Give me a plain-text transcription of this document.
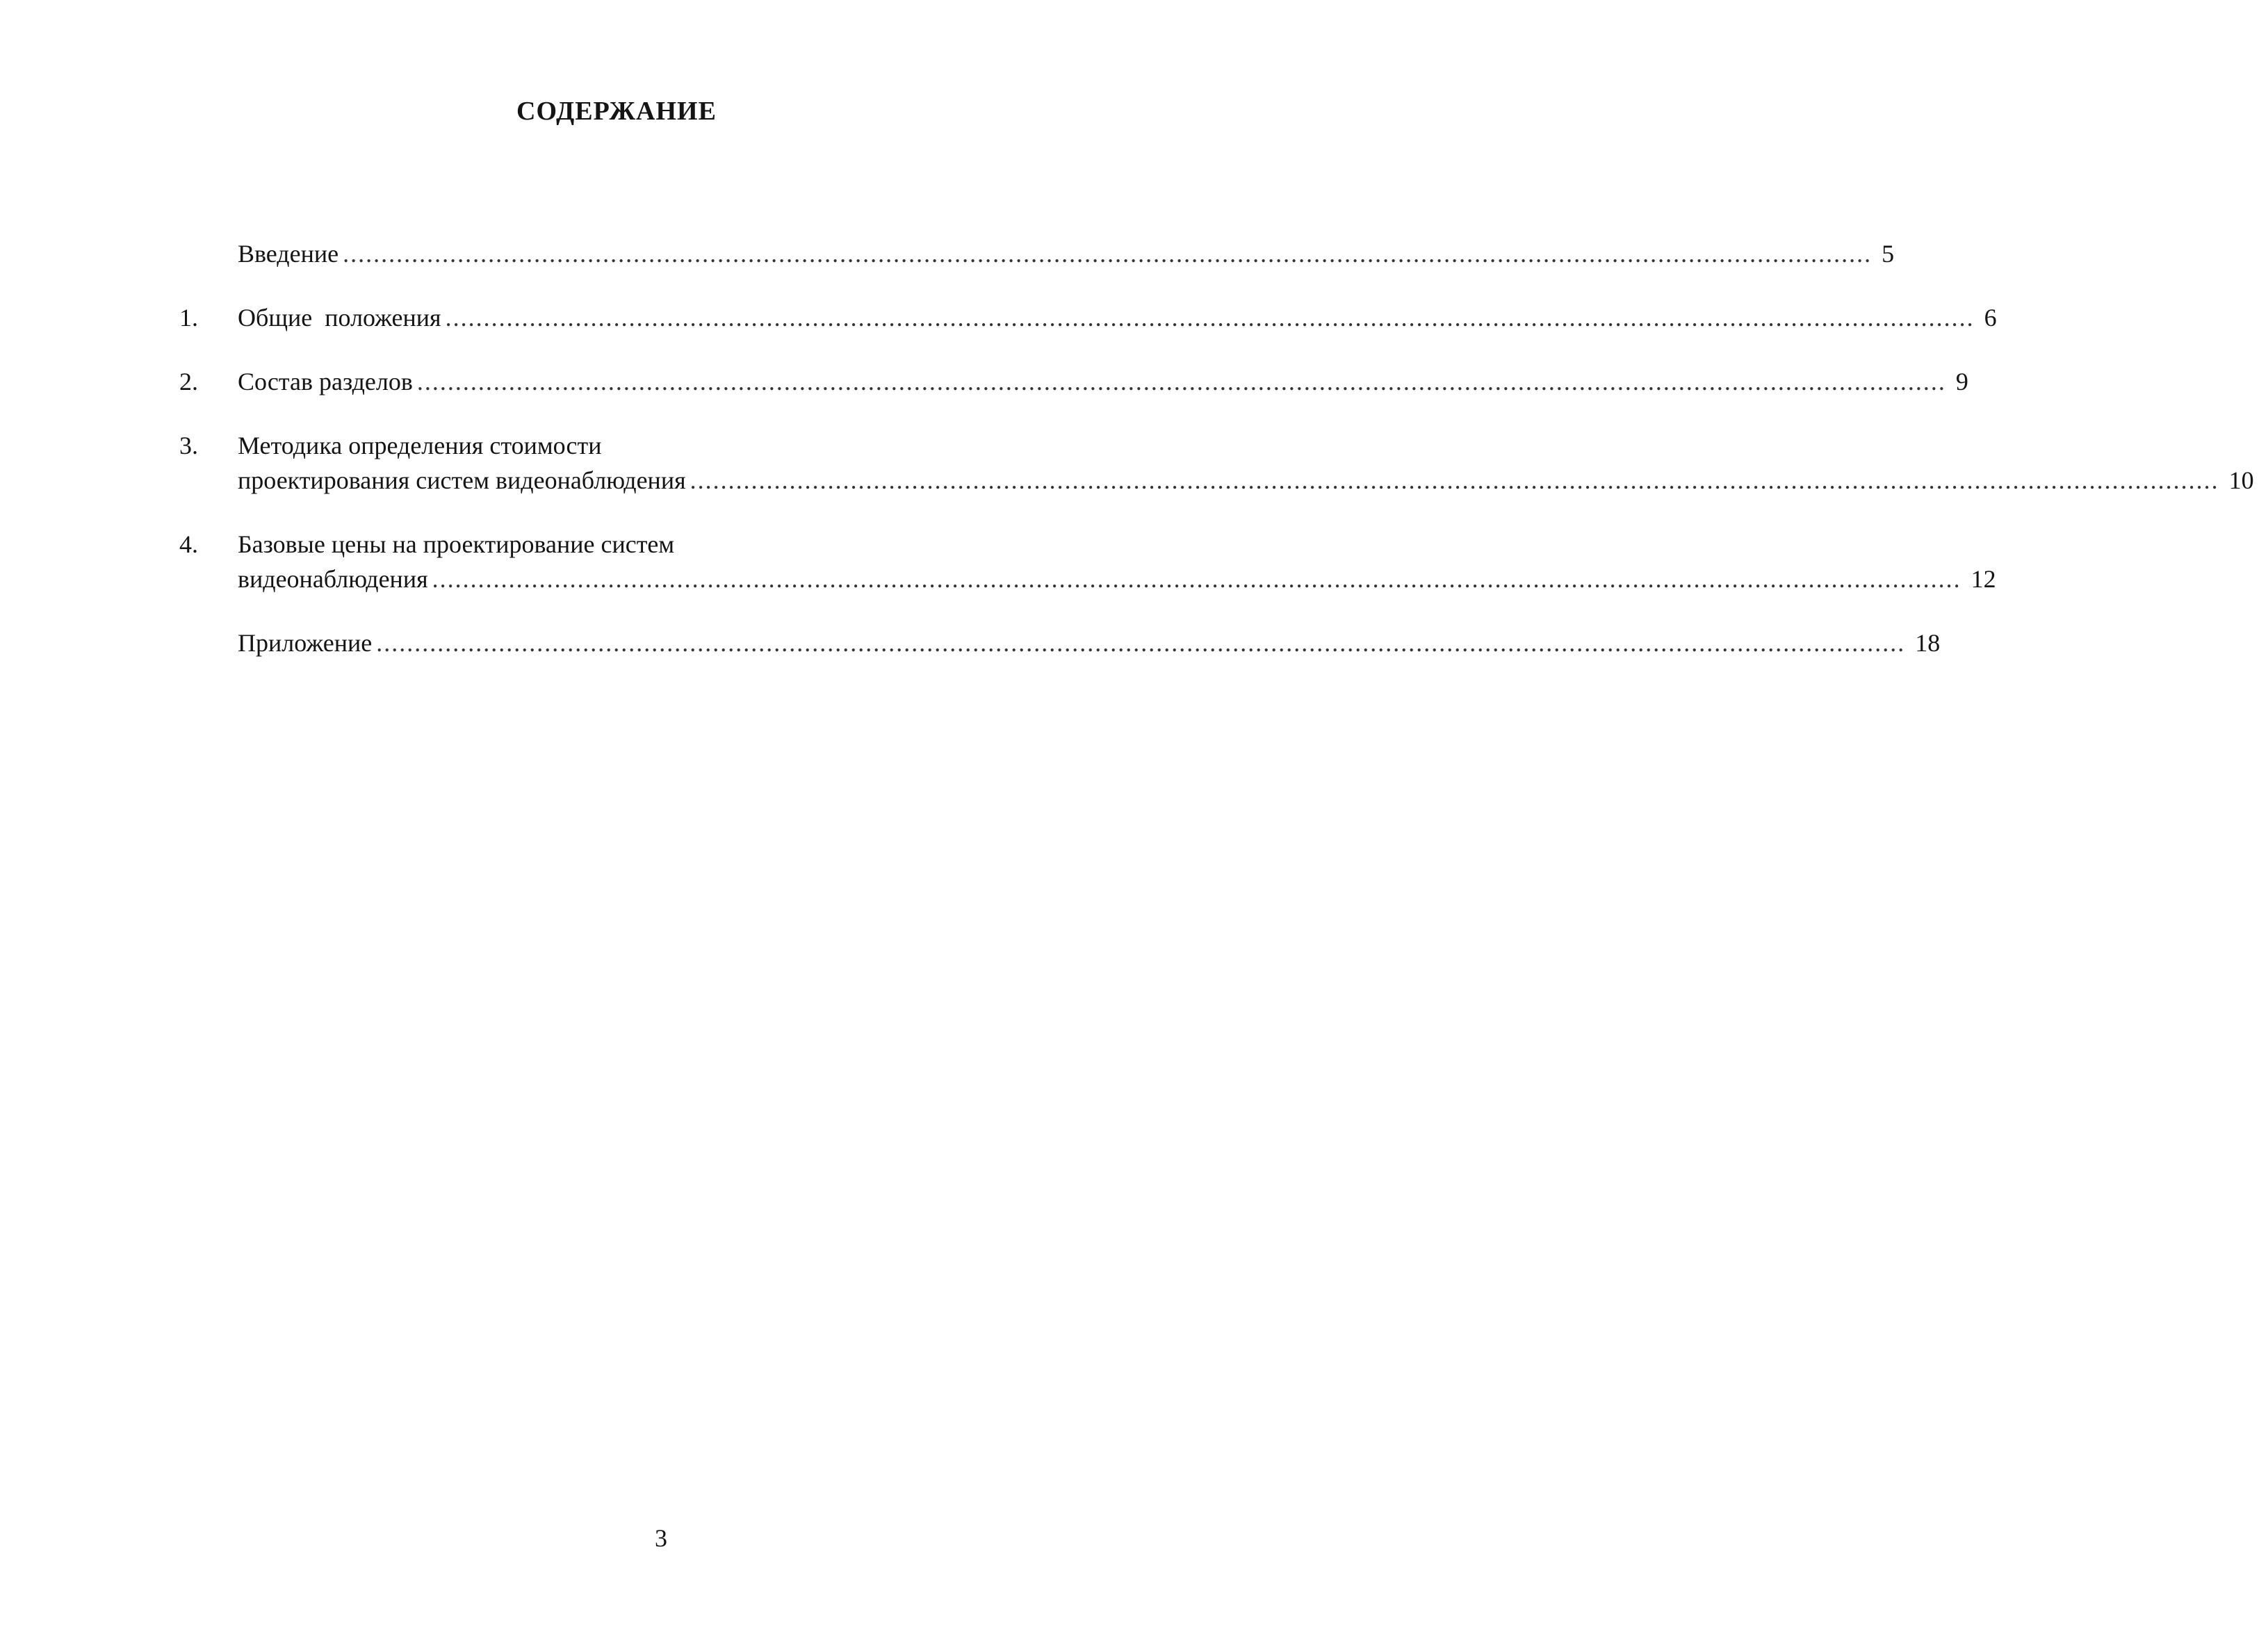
СОДЕРЖАНИЕ
Введение .....	5
1.	Общие  положения .....	6
2.	Состав разделов .....	9
3.	Методика определения стоимости
проектирования систем видеонаблюдения .....	10
4.	Базовые цены на проектирование систем
видеонаблюдения .....	12
Приложение .....	18
3
